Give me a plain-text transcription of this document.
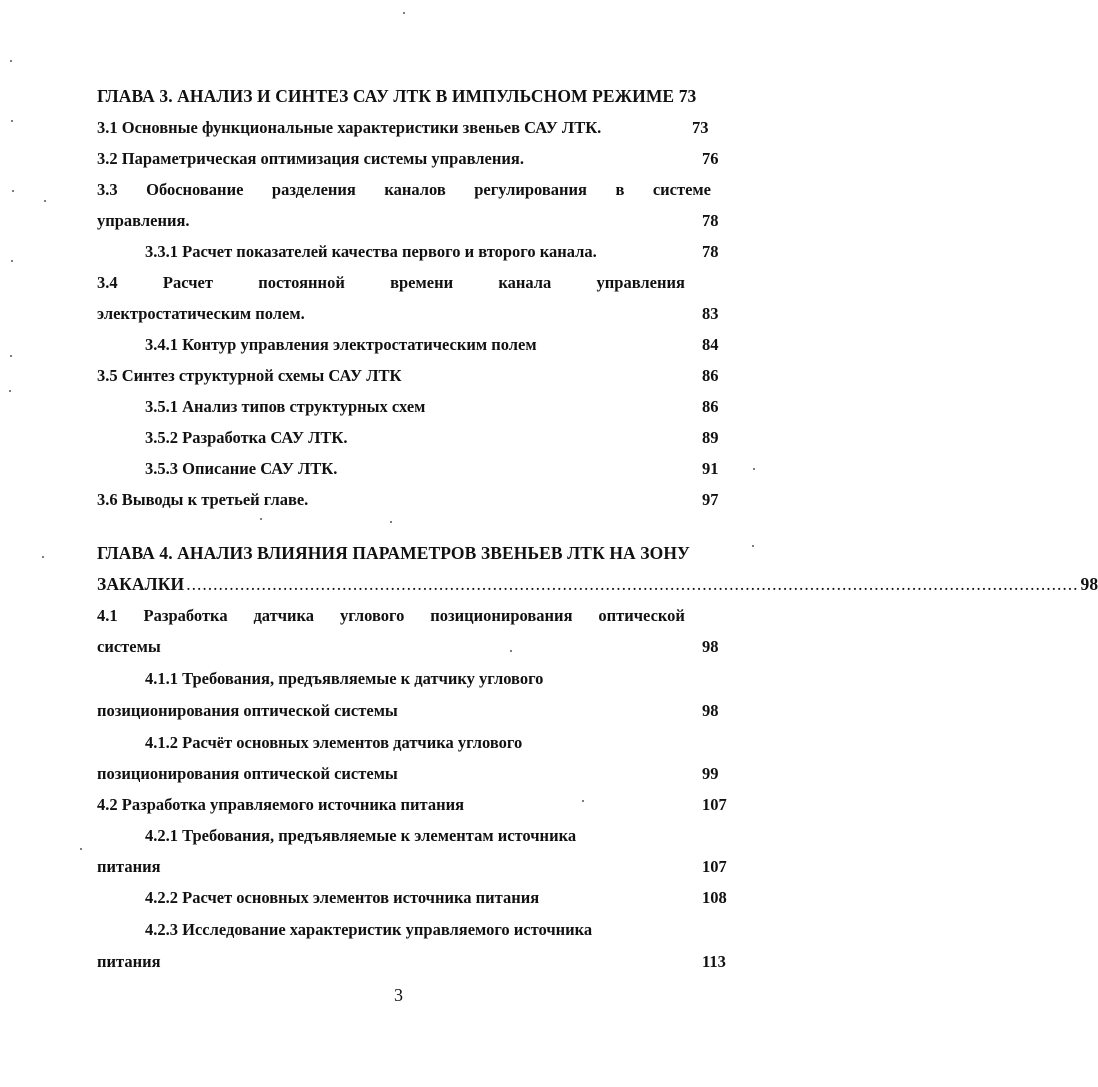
ГЛАВА 3. АНАЛИЗ И СИНТЕЗ САУ ЛТК В ИМПУЛЬСНОМ РЕЖИМЕ 73
3.1 Основные функциональные характеристики звеньев САУ ЛТК.	73
3.2 Параметрическая оптимизация системы управления.	76
3.3 Обоснование разделения каналов регулирования в системе
управления.	78
3.3.1 Расчет показателей качества первого и второго канала.	78
3.4	Расчет	постоянной	времени	канала	управления
электростатическим полем.	83
3.4.1 Контур управления электростатическим полем	84
3.5 Синтез структурной схемы САУ ЛТК	86
3.5.1 Анализ типов структурных схем	86
3.5.2 Разработка САУ ЛТК.	89
3.5.3 Описание САУ ЛТК.	91
3.6 Выводы к третьей главе.	97
ГЛАВА 4. АНАЛИЗ ВЛИЯНИЯ ПАРАМЕТРОВ ЗВЕНЬЕВ ЛТК НА ЗОНУ
ЗАКАЛКИ ...................................................................................................................................................................... 98
4.1 Разработка датчика углового позиционирования оптической
системы	98
4.1.1 Требования, предъявляемые к датчику углового
позиционирования оптической системы	98
4.1.2 Расчёт основных элементов датчика углового
позиционирования оптической системы	99
4.2 Разработка управляемого источника питания	107
4.2.1 Требования, предъявляемые к элементам источника
питания	107
4.2.2 Расчет основных элементов источника питания	108
4.2.3 Исследование характеристик управляемого источника
питания	113
3
